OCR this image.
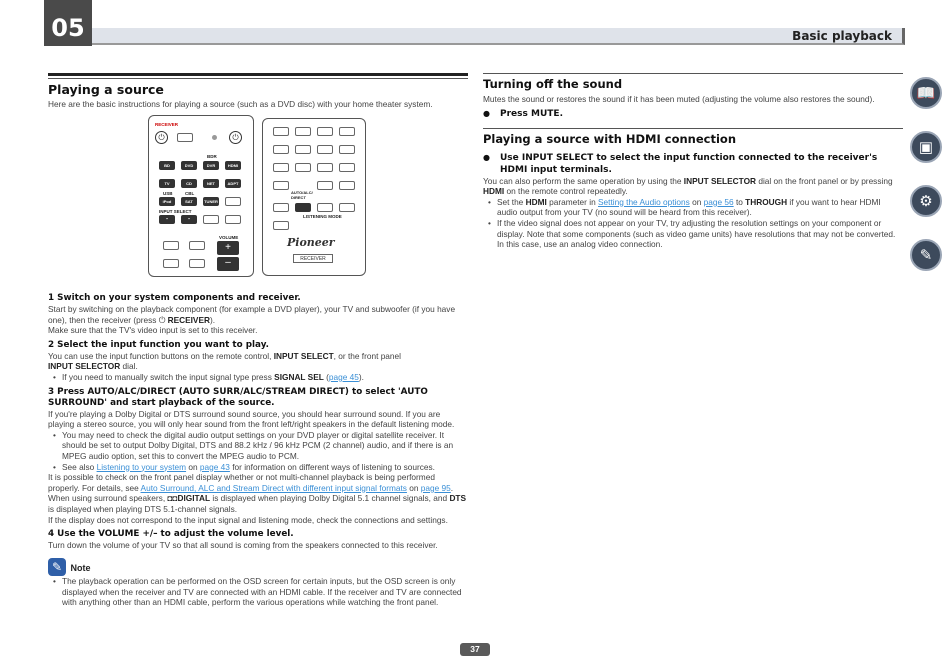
05	Basic playback
Playing a source

Here are the basic instructions for playing a source (such as a DVD disc) with your home theater system.

RECEIVER
⏻	⏻
BDR
BD	DVD	DVR	HDMI
TV	CD	NET	ADPT
USB	CBL
iPod	SAT	TUNER
INPUT SELECT
⌃	⌃
VOLUME
+
–
AUTO/ALC/
DIRECT
LISTENING MODE
Pioneer
RECEIVER
1 Switch on your system components and receiver.

Start by switching on the playback component (for example a DVD player), your TV and subwoofer (if you have one), then the receiver (press ⏻ RECEIVER).

Make sure that the TV's video input is set to this receiver.

2 Select the input function you want to play.

You can use the input function buttons on the remote control, INPUT SELECT, or the front panel
INPUT SELECTOR dial.

• If you need to manually switch the input signal type press SIGNAL SEL (page 45).
3 Press AUTO/ALC/DIRECT (AUTO SURR/ALC/STREAM DIRECT) to select 'AUTO SURROUND' and start playback of the source.

If you're playing a Dolby Digital or DTS surround sound source, you should hear surround sound. If you are playing a stereo source, you will only hear sound from the front left/right speakers in the default listening mode.

• You may need to check the digital audio output settings on your DVD player or digital satellite receiver. It should be set to output Dolby Digital, DTS and 88.2 kHz / 96 kHz PCM (2 channel) audio, and if there is an MPEG audio option, set this to convert the MPEG audio to PCM.
• See also Listening to your system on page 43 for information on different ways of listening to sources.

It is possible to check on the front panel display whether or not multi-channel playback is being performed properly. For details, see Auto Surround, ALC and Stream Direct with different input signal formats on page 95.

When using surround speakers, ◘◘DIGITAL is displayed when playing Dolby Digital 5.1 channel signals, and DTS is displayed when playing DTS 5.1-channel signals.

If the display does not correspond to the input signal and listening mode, check the connections and settings.

4 Use the VOLUME +/– to adjust the volume level.

Turn down the volume of your TV so that all sound is coming from the speakers connected to this receiver.

✎ Note
• The playback operation can be performed on the OSD screen for certain inputs, but the OSD screen is only displayed when the receiver and TV are connected with an HDMI cable. If the receiver and TV are connected with anything other than an HDMI cable, perform the various operations while watching the front panel.
Turning off the sound

Mutes the sound or restores the sound if it has been muted (adjusting the volume also restores the sound).

● Press MUTE.
Playing a source with HDMI connection
● Use INPUT SELECT to select the input function connected to the receiver's HDMI input terminals.

You can also perform the same operation by using the INPUT SELECTOR dial on the front panel or by pressing HDMI on the remote control repeatedly.

• Set the HDMI parameter in Setting the Audio options on page 56 to THROUGH if you want to hear HDMI audio output from your TV (no sound will be heard from this receiver).
• If the video signal does not appear on your TV, try adjusting the resolution settings on your component or display. Note that some components (such as video game units) have resolutions that may not be converted. In this case, use an analog video connection.
📖
▣
⚙
✎
37
